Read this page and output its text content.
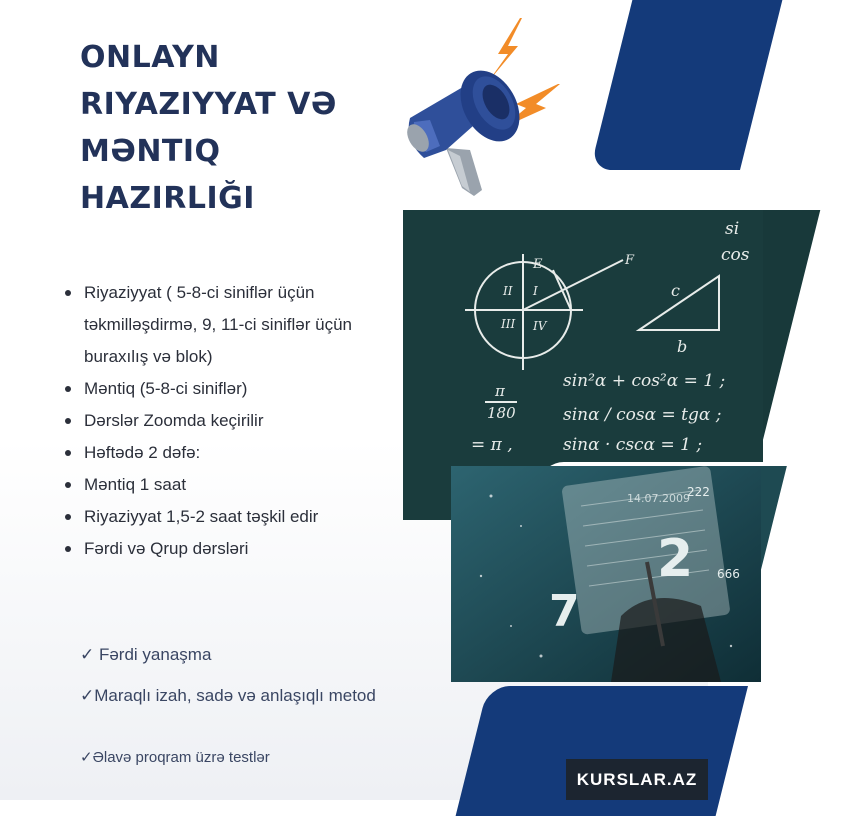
ONLAYN
RIYAZIYYAT VƏ
MƏNTIQ
HAZIRLIĞI
II I
III IV
E	F
c
b
si
cos
sin²α + cos²α = 1 ;
sinα / cosα = tgα ;
sinα · cscα = 1 ;
π
180
= π ,
14.07.2009
222
666
2
7
Riyaziyyat ( 5-8-ci siniflər üçün təkmilləşdirmə, 9, 11-ci siniflər üçün buraxılış və blok)
Məntiq (5-8-ci siniflər)
Dərslər Zoomda keçirilir
Həftədə 2 dəfə:
Məntiq 1 saat
Riyaziyyat 1,5-2 saat təşkil edir
Fərdi və Qrup dərsləri
✓ Fərdi yanaşma
✓Maraqlı izah, sadə və anlaşıqlı metod
✓Əlavə proqram üzrə testlər
KURSLAR.AZ
